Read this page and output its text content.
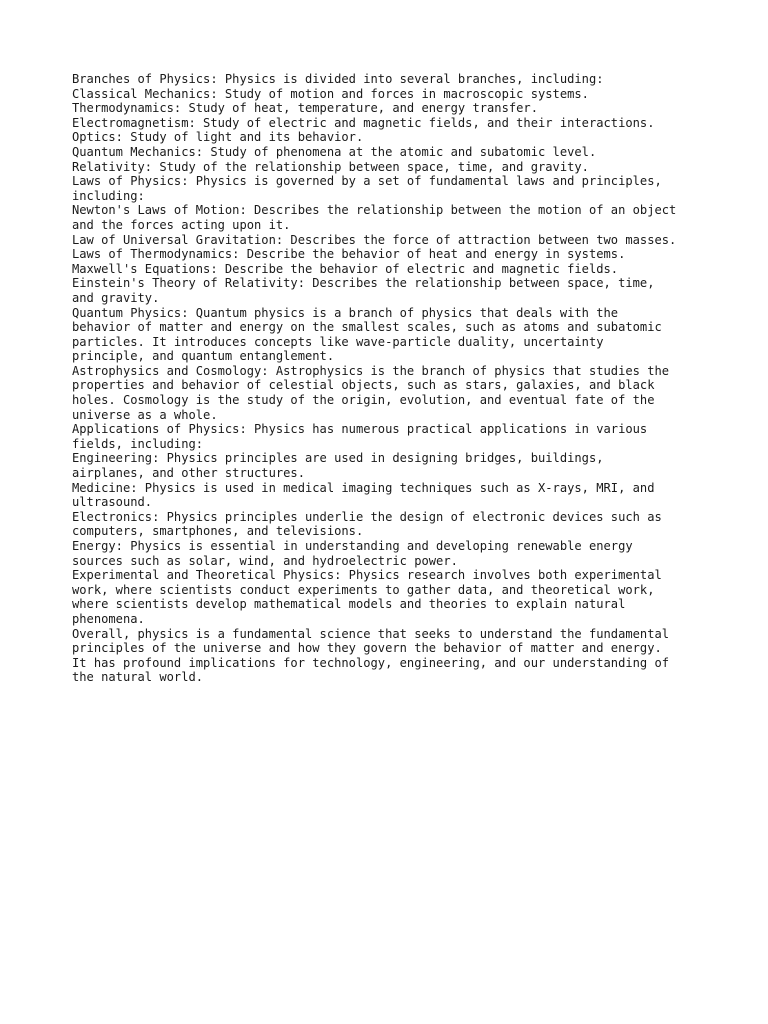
Branches of Physics: Physics is divided into several branches, including:
Classical Mechanics: Study of motion and forces in macroscopic systems.
Thermodynamics: Study of heat, temperature, and energy transfer.
Electromagnetism: Study of electric and magnetic fields, and their interactions.
Optics: Study of light and its behavior.
Quantum Mechanics: Study of phenomena at the atomic and subatomic level.
Relativity: Study of the relationship between space, time, and gravity.
Laws of Physics: Physics is governed by a set of fundamental laws and principles,
including:
Newton's Laws of Motion: Describes the relationship between the motion of an object
and the forces acting upon it.
Law of Universal Gravitation: Describes the force of attraction between two masses.
Laws of Thermodynamics: Describe the behavior of heat and energy in systems.
Maxwell's Equations: Describe the behavior of electric and magnetic fields.
Einstein's Theory of Relativity: Describes the relationship between space, time,
and gravity.
Quantum Physics: Quantum physics is a branch of physics that deals with the
behavior of matter and energy on the smallest scales, such as atoms and subatomic
particles. It introduces concepts like wave-particle duality, uncertainty
principle, and quantum entanglement.
Astrophysics and Cosmology: Astrophysics is the branch of physics that studies the
properties and behavior of celestial objects, such as stars, galaxies, and black
holes. Cosmology is the study of the origin, evolution, and eventual fate of the
universe as a whole.
Applications of Physics: Physics has numerous practical applications in various
fields, including:
Engineering: Physics principles are used in designing bridges, buildings,
airplanes, and other structures.
Medicine: Physics is used in medical imaging techniques such as X-rays, MRI, and
ultrasound.
Electronics: Physics principles underlie the design of electronic devices such as
computers, smartphones, and televisions.
Energy: Physics is essential in understanding and developing renewable energy
sources such as solar, wind, and hydroelectric power.
Experimental and Theoretical Physics: Physics research involves both experimental
work, where scientists conduct experiments to gather data, and theoretical work,
where scientists develop mathematical models and theories to explain natural
phenomena.
Overall, physics is a fundamental science that seeks to understand the fundamental
principles of the universe and how they govern the behavior of matter and energy.
It has profound implications for technology, engineering, and our understanding of
the natural world.
